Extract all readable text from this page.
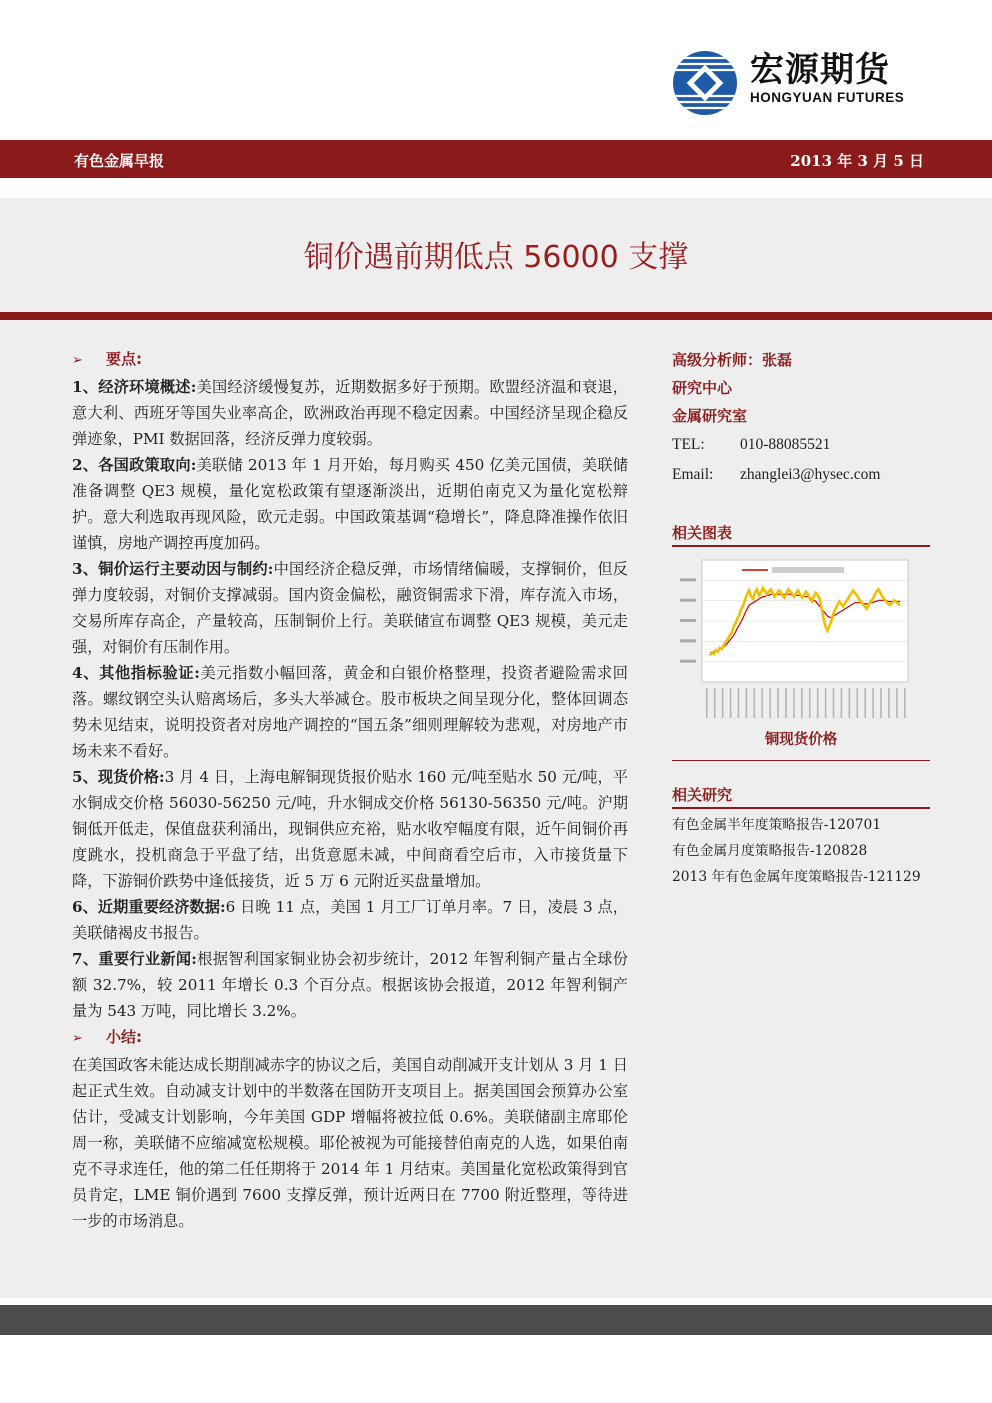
宏源期货
HONGYUAN FUTURES
有色金属早报	2013 年 3 月 5 日
铜价遇前期低点 56000 支撑

➢ 要点:

1、经济环境概述:美国经济缓慢复苏，近期数据多好于预期。欧盟经济温和衰退，意大利、西班牙等国失业率高企，欧洲政治再现不稳定因素。中国经济呈现企稳反弹迹象，PMI 数据回落，经济反弹力度较弱。

2、各国政策取向:美联储 2013 年 1 月开始，每月购买 450 亿美元国债，美联储准备调整 QE3 规模，量化宽松政策有望逐渐淡出，近期伯南克又为量化宽松辩护。意大利选取再现风险，欧元走弱。中国政策基调“稳增长”，降息降准操作依旧谨慎，房地产调控再度加码。

3、铜价运行主要动因与制约:中国经济企稳反弹，市场情绪偏暖，支撑铜价，但反弹力度较弱，对铜价支撑减弱。国内资金偏松，融资铜需求下滑，库存流入市场，交易所库存高企，产量较高，压制铜价上行。美联储宣布调整 QE3 规模，美元走强，对铜价有压制作用。

4、其他指标验证:美元指数小幅回落，黄金和白银价格整理，投资者避险需求回落。螺纹钢空头认赔离场后，多头大举减仓。股市板块之间呈现分化，整体回调态势未见结束，说明投资者对房地产调控的“国五条”细则理解较为悲观，对房地产市场未来不看好。

5、现货价格:3 月 4 日，上海电解铜现货报价贴水 160 元/吨至贴水 50 元/吨，平水铜成交价格 56030-56250 元/吨，升水铜成交价格 56130-56350 元/吨。沪期铜低开低走，保值盘获利涌出，现铜供应充裕，贴水收窄幅度有限，近午间铜价再度跳水，投机商急于平盘了结，出货意愿未减，中间商看空后市，入市接货量下降，下游铜价跌势中逢低接货，近 5 万 6 元附近买盘量增加。

6、近期重要经济数据:6 日晚 11 点，美国 1 月工厂订单月率。7 日，凌晨 3 点，美联储褐皮书报告。

7、重要行业新闻:根据智利国家铜业协会初步统计，2012 年智利铜产量占全球份额 32.7%，较 2011 年增长 0.3 个百分点。根据该协会报道，2012 年智利铜产量为 543 万吨，同比增长 3.2%。

➢ 小结:

在美国政客未能达成长期削减赤字的协议之后，美国自动削减开支计划从 3 月 1 日起正式生效。自动减支计划中的半数落在国防开支项目上。据美国国会预算办公室估计，受减支计划影响，今年美国 GDP 增幅将被拉低 0.6%。美联储副主席耶伦周一称，美联储不应缩减宽松规模。耶伦被视为可能接替伯南克的人选，如果伯南克不寻求连任，他的第二任任期将于 2014 年 1 月结束。美国量化宽松政策得到官员肯定，LME 铜价遇到 7600 支撑反弹，预计近两日在 7700 附近整理，等待进一步的市场消息。

高级分析师：张磊
研究中心
金属研究室
TEL: 010-88085521
Email: zhanglei3@hysec.com
相关图表
铜现货价格
相关研究
有色金属半年度策略报告-120701
有色金属月度策略报告-120828
2013 年有色金属年度策略报告-121129
